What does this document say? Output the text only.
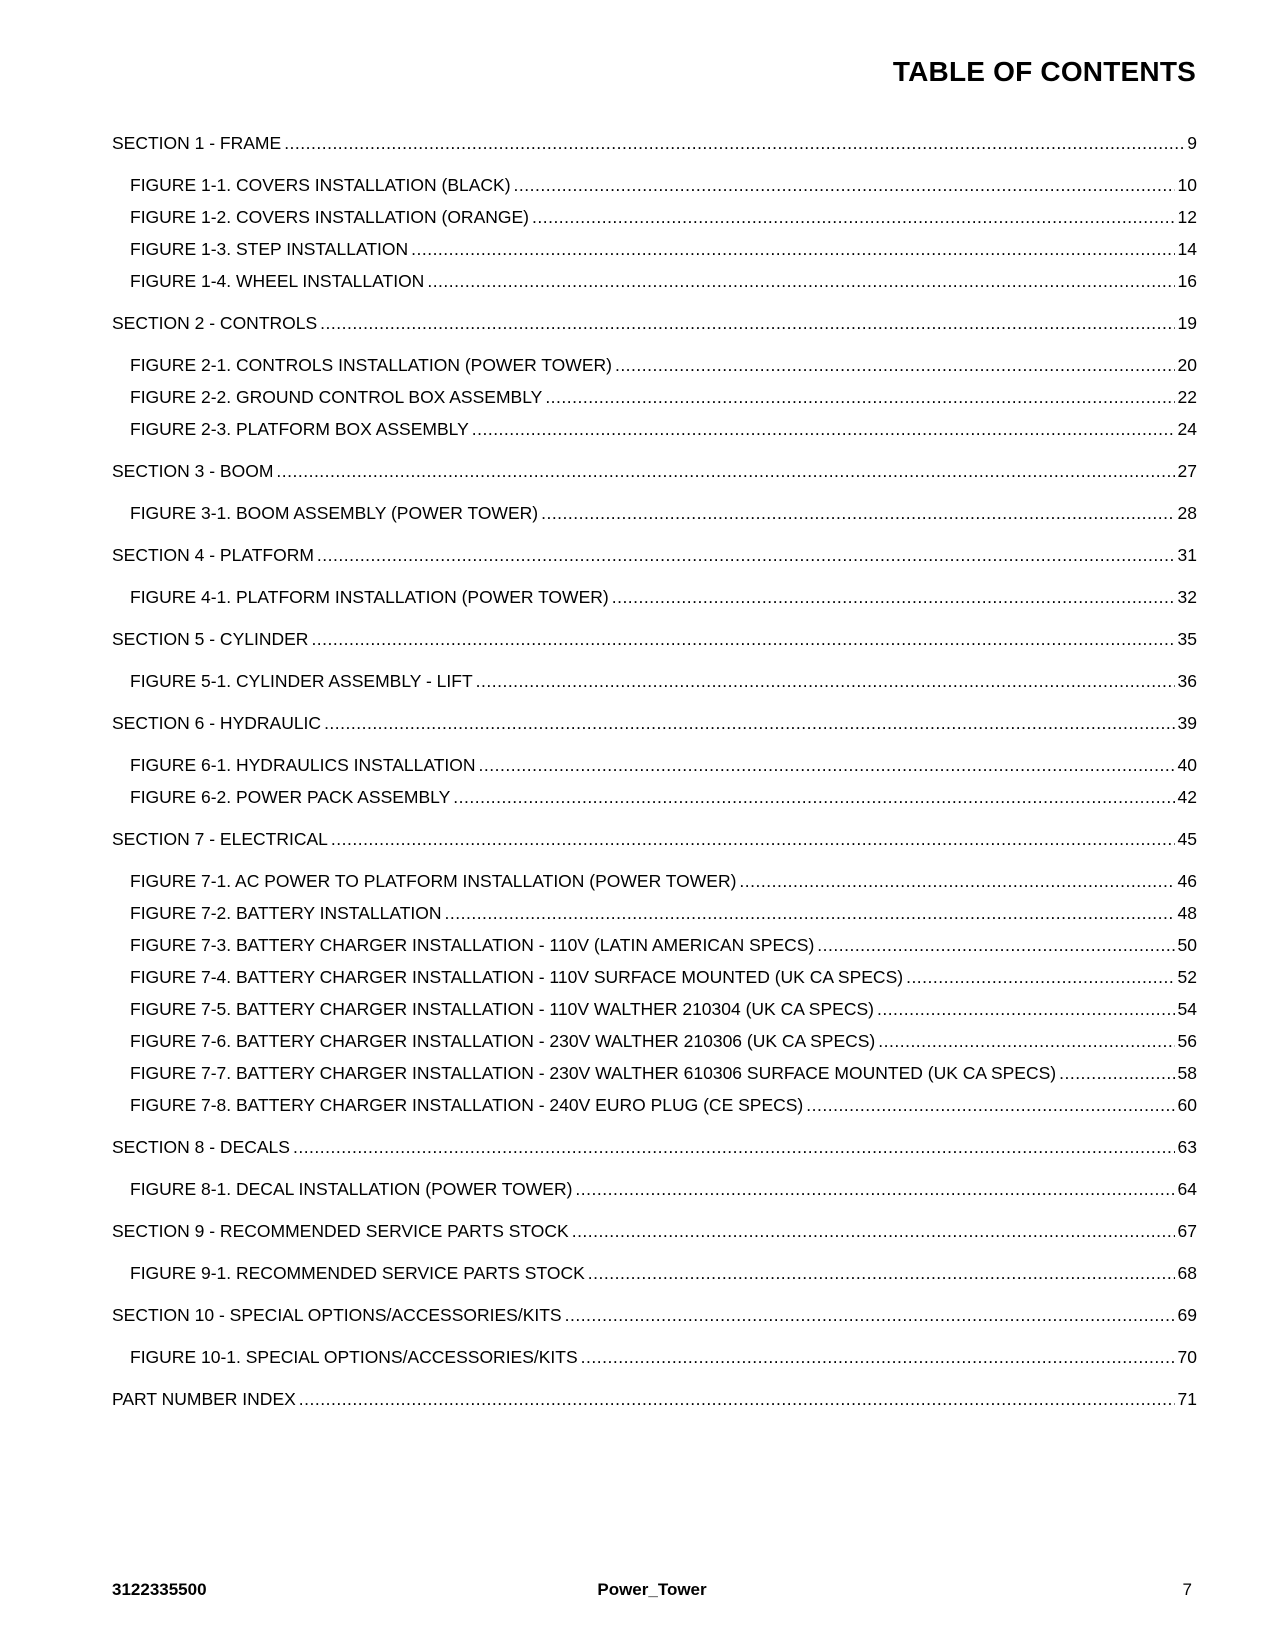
TABLE OF CONTENTS
SECTION 1 - FRAME .....	9
FIGURE 1-1. COVERS INSTALLATION (BLACK) .....	10
FIGURE 1-2. COVERS INSTALLATION (ORANGE) .....	12
FIGURE 1-3. STEP INSTALLATION .....	14
FIGURE 1-4. WHEEL INSTALLATION .....	16
SECTION 2 - CONTROLS .....	19
FIGURE 2-1. CONTROLS INSTALLATION (POWER TOWER) .....	20
FIGURE 2-2. GROUND CONTROL BOX ASSEMBLY .....	22
FIGURE 2-3. PLATFORM BOX ASSEMBLY .....	24
SECTION 3 - BOOM .....	27
FIGURE 3-1. BOOM ASSEMBLY (POWER TOWER) .....	28
SECTION 4 - PLATFORM .....	31
FIGURE 4-1. PLATFORM INSTALLATION (POWER TOWER) .....	32
SECTION 5 - CYLINDER .....	35
FIGURE 5-1. CYLINDER ASSEMBLY - LIFT .....	36
SECTION 6 - HYDRAULIC .....	39
FIGURE 6-1. HYDRAULICS INSTALLATION .....	40
FIGURE 6-2. POWER PACK ASSEMBLY .....	42
SECTION 7 - ELECTRICAL .....	45
FIGURE 7-1. AC POWER TO PLATFORM INSTALLATION (POWER TOWER) .....	46
FIGURE 7-2. BATTERY INSTALLATION .....	48
FIGURE 7-3. BATTERY CHARGER INSTALLATION - 110V (LATIN AMERICAN SPECS) .....	50
FIGURE 7-4. BATTERY CHARGER INSTALLATION - 110V SURFACE MOUNTED (UK CA SPECS) .....	52
FIGURE 7-5. BATTERY CHARGER INSTALLATION - 110V WALTHER 210304 (UK CA SPECS) .....	54
FIGURE 7-6. BATTERY CHARGER INSTALLATION - 230V WALTHER 210306 (UK CA SPECS) .....	56
FIGURE 7-7. BATTERY CHARGER INSTALLATION - 230V WALTHER 610306 SURFACE MOUNTED (UK CA SPECS) .....	58
FIGURE 7-8. BATTERY CHARGER INSTALLATION - 240V EURO PLUG (CE SPECS) .....	60
SECTION 8 - DECALS .....	63
FIGURE 8-1. DECAL INSTALLATION (POWER TOWER) .....	64
SECTION 9 - RECOMMENDED SERVICE PARTS STOCK .....	67
FIGURE 9-1. RECOMMENDED SERVICE PARTS STOCK .....	68
SECTION 10 - SPECIAL OPTIONS/ACCESSORIES/KITS .....	69
FIGURE 10-1. SPECIAL OPTIONS/ACCESSORIES/KITS .....	70
PART NUMBER INDEX .....	71
3122335500	Power_Tower	7
